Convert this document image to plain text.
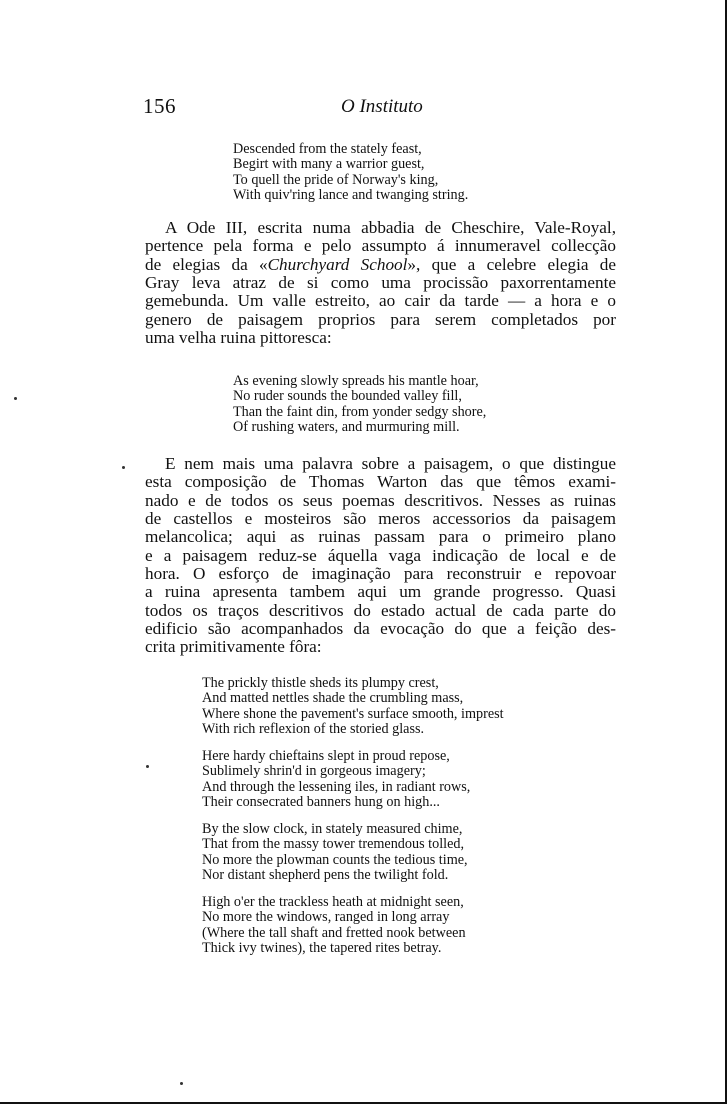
156	O Instituto
Descended from the stately feast,
Begirt with many a warrior guest,
To quell the pride of Norway's king,
With quiv'ring lance and twanging string.
A Ode III, escrita numa abbadia de Cheschire, Vale-Royal,
pertence pela forma e pelo assumpto á innumeravel collecção
de elegias da «Churchyard School», que a celebre elegia de
Gray leva atraz de si como uma procissão paxorrentamente
gemebunda. Um valle estreito, ao cair da tarde — a hora e o
genero de paisagem proprios para serem completados por
uma velha ruina pittoresca:
As evening slowly spreads his mantle hoar,
No ruder sounds the bounded valley fill,
Than the faint din, from yonder sedgy shore,
Of rushing waters, and murmuring mill.
E nem mais uma palavra sobre a paisagem, o que distingue
esta composição de Thomas Warton das que têmos exami-
nado e de todos os seus poemas descritivos. Nesses as ruinas
de castellos e mosteiros são meros accessorios da paisagem
melancolica; aqui as ruinas passam para o primeiro plano
e a paisagem reduz-se áquella vaga indicação de local e de
hora. O esforço de imaginação para reconstruir e repovoar
a ruina apresenta tambem aqui um grande progresso. Quasi
todos os traços descritivos do estado actual de cada parte do
edificio são acompanhados da evocação do que a feição des-
crita primitivamente fôra:
The prickly thistle sheds its plumpy crest,
And matted nettles shade the crumbling mass,
Where shone the pavement's surface smooth, imprest
With rich reflexion of the storied glass.
Here hardy chieftains slept in proud repose,
Sublimely shrin'd in gorgeous imagery;
And through the lessening iles, in radiant rows,
Their consecrated banners hung on high...
By the slow clock, in stately measured chime,
That from the massy tower tremendous tolled,
No more the plowman counts the tedious time,
Nor distant shepherd pens the twilight fold.
High o'er the trackless heath at midnight seen,
No more the windows, ranged in long array
(Where the tall shaft and fretted nook between
Thick ivy twines), the tapered rites betray.
